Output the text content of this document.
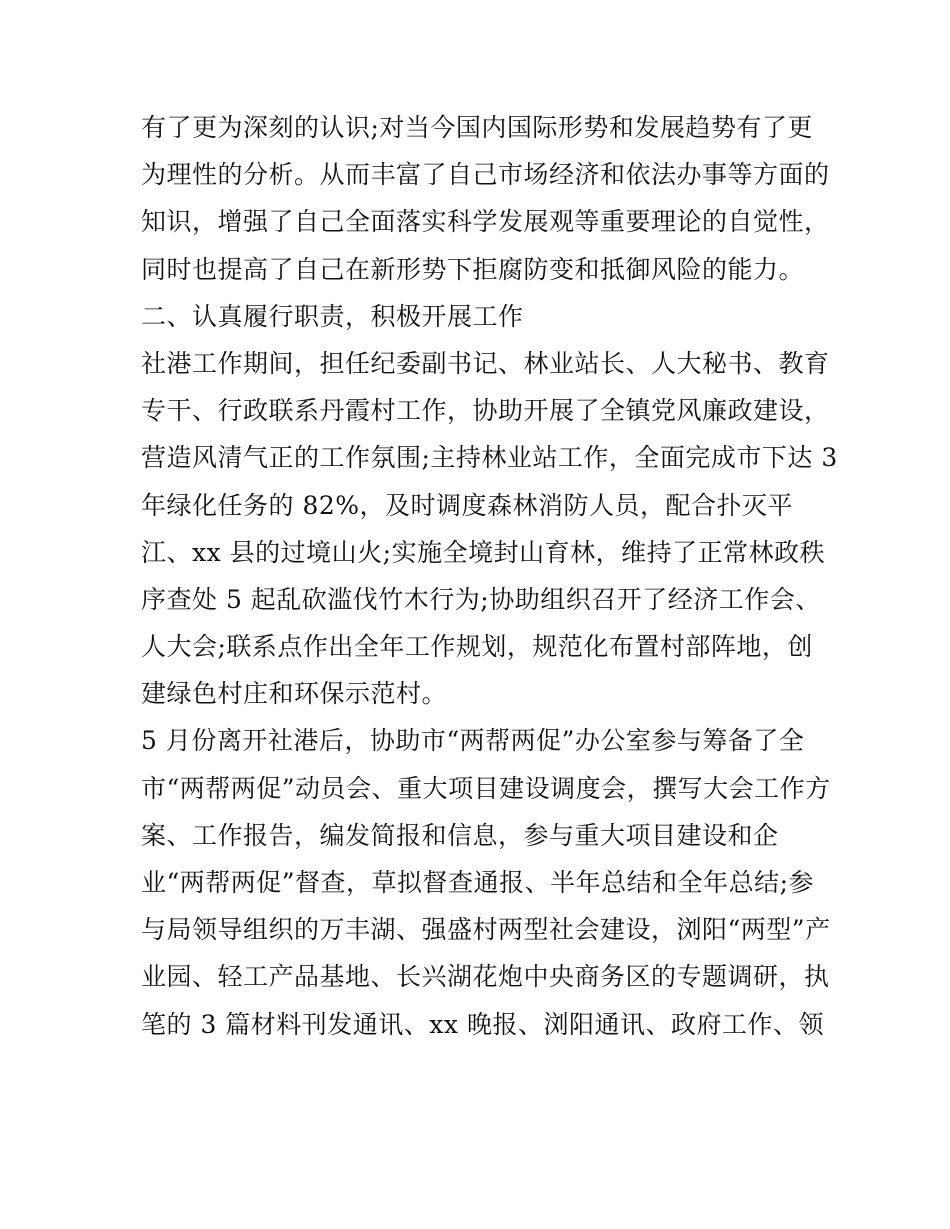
有了更为深刻的认识;对当今国内国际形势和发展趋势有了更
为理性的分析。从而丰富了自己市场经济和依法办事等方面的
知识，增强了自己全面落实科学发展观等重要理论的自觉性，
同时也提高了自己在新形势下拒腐防变和抵御风险的能力。
二、认真履行职责，积极开展工作
社港工作期间，担任纪委副书记、林业站长、人大秘书、教育
专干、行政联系丹霞村工作，协助开展了全镇党风廉政建设，
营造风清气正的工作氛围;主持林业站工作，全面完成市下达 3
年绿化任务的 82%，及时调度森林消防人员，配合扑灭平
江、xx 县的过境山火;实施全境封山育林，维持了正常林政秩
序查处 5 起乱砍滥伐竹木行为;协助组织召开了经济工作会、
人大会;联系点作出全年工作规划，规范化布置村部阵地，创
建绿色村庄和环保示范村。
5 月份离开社港后，协助市“两帮两促”办公室参与筹备了全
市“两帮两促”动员会、重大项目建设调度会，撰写大会工作方
案、工作报告，编发简报和信息，参与重大项目建设和企
业“两帮两促”督查，草拟督查通报、半年总结和全年总结;参
与局领导组织的万丰湖、强盛村两型社会建设，浏阳“两型”产
业园、轻工产品基地、长兴湖花炮中央商务区的专题调研，执
笔的 3 篇材料刊发通讯、xx 晚报、浏阳通讯、政府工作、领
